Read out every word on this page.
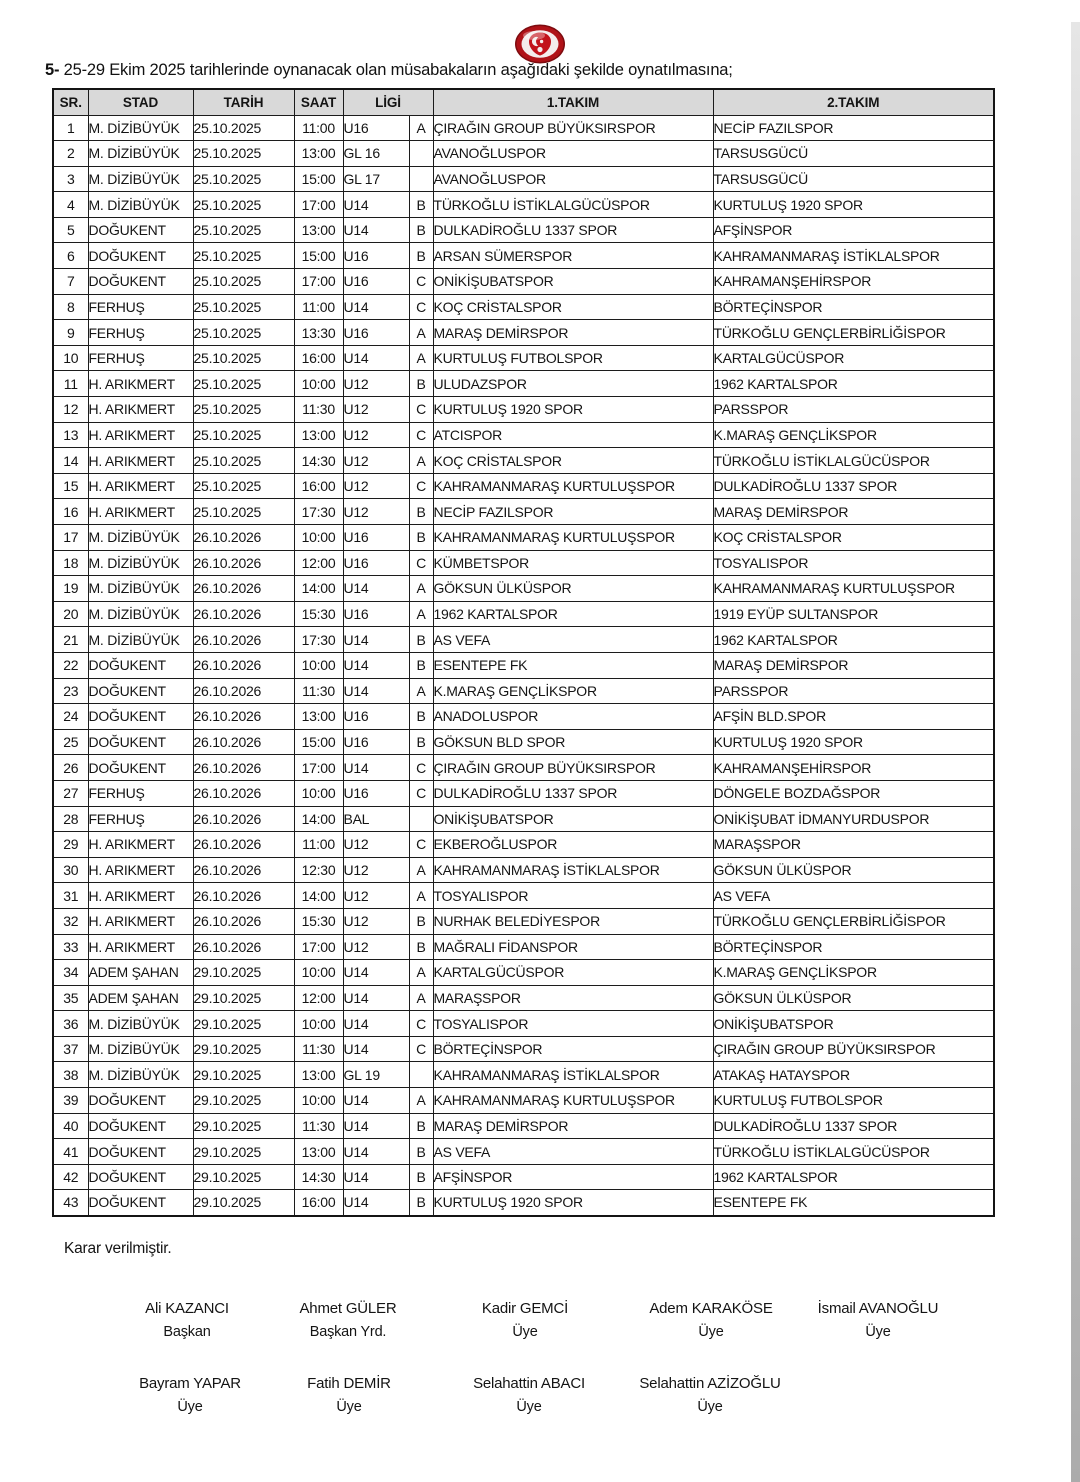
5- 25-29 Ekim 2025 tarihlerinde oynanacak olan müsabakaların aşağıdaki şekilde oynatılmasına;
SR.	STAD	TARİH	SAAT	LİGİ		1.TAKIM	2.TAKIM
1	M. DİZİBÜYÜK	25.10.2025	11:00	U16	A	ÇIRAĞIN GROUP BÜYÜKSIRSPOR	NECİP FAZILSPOR
2	M. DİZİBÜYÜK	25.10.2025	13:00	GL 16		AVANOĞLUSPOR	TARSUSGÜCÜ
3	M. DİZİBÜYÜK	25.10.2025	15:00	GL 17		AVANOĞLUSPOR	TARSUSGÜCÜ
4	M. DİZİBÜYÜK	25.10.2025	17:00	U14	B	TÜRKOĞLU İSTİKLALGÜCÜSPOR	KURTULUŞ 1920 SPOR
5	DOĞUKENT	25.10.2025	13:00	U14	B	DULKADİROĞLU 1337 SPOR	AFŞİNSPOR
6	DOĞUKENT	25.10.2025	15:00	U16	B	ARSAN SÜMERSPOR	KAHRAMANMARAŞ İSTİKLALSPOR
7	DOĞUKENT	25.10.2025	17:00	U16	C	ONİKİŞUBATSPOR	KAHRAMANŞEHİRSPOR
8	FERHUŞ	25.10.2025	11:00	U14	C	KOÇ CRİSTALSPOR	BÖRTEÇİNSPOR
9	FERHUŞ	25.10.2025	13:30	U16	A	MARAŞ DEMİRSPOR	TÜRKOĞLU GENÇLERBİRLİĞİSPOR
10	FERHUŞ	25.10.2025	16:00	U14	A	KURTULUŞ FUTBOLSPOR	KARTALGÜCÜSPOR
11	H. ARIKMERT	25.10.2025	10:00	U12	B	ULUDAZSPOR	1962 KARTALSPOR
12	H. ARIKMERT	25.10.2025	11:30	U12	C	KURTULUŞ 1920 SPOR	PARSSPOR
13	H. ARIKMERT	25.10.2025	13:00	U12	C	ATCISPOR	K.MARAŞ GENÇLİKSPOR
14	H. ARIKMERT	25.10.2025	14:30	U12	A	KOÇ CRİSTALSPOR	TÜRKOĞLU İSTİKLALGÜCÜSPOR
15	H. ARIKMERT	25.10.2025	16:00	U12	C	KAHRAMANMARAŞ KURTULUŞSPOR	DULKADİROĞLU 1337 SPOR
16	H. ARIKMERT	25.10.2025	17:30	U12	B	NECİP FAZILSPOR	MARAŞ DEMİRSPOR
17	M. DİZİBÜYÜK	26.10.2026	10:00	U16	B	KAHRAMANMARAŞ KURTULUŞSPOR	KOÇ CRİSTALSPOR
18	M. DİZİBÜYÜK	26.10.2026	12:00	U16	C	KÜMBETSPOR	TOSYALISPOR
19	M. DİZİBÜYÜK	26.10.2026	14:00	U14	A	GÖKSUN ÜLKÜSPOR	KAHRAMANMARAŞ KURTULUŞSPOR
20	M. DİZİBÜYÜK	26.10.2026	15:30	U16	A	1962 KARTALSPOR	1919 EYÜP SULTANSPOR
21	M. DİZİBÜYÜK	26.10.2026	17:30	U14	B	AS VEFA	1962 KARTALSPOR
22	DOĞUKENT	26.10.2026	10:00	U14	B	ESENTEPE FK	MARAŞ DEMİRSPOR
23	DOĞUKENT	26.10.2026	11:30	U14	A	K.MARAŞ GENÇLİKSPOR	PARSSPOR
24	DOĞUKENT	26.10.2026	13:00	U16	B	ANADOLUSPOR	AFŞİN BLD.SPOR
25	DOĞUKENT	26.10.2026	15:00	U16	B	GÖKSUN BLD SPOR	KURTULUŞ 1920 SPOR
26	DOĞUKENT	26.10.2026	17:00	U14	C	ÇIRAĞIN GROUP BÜYÜKSIRSPOR	KAHRAMANŞEHİRSPOR
27	FERHUŞ	26.10.2026	10:00	U16	C	DULKADİROĞLU 1337 SPOR	DÖNGELE BOZDAĞSPOR
28	FERHUŞ	26.10.2026	14:00	BAL		ONİKİŞUBATSPOR	ONİKİŞUBAT İDMANYURDUSPOR
29	H. ARIKMERT	26.10.2026	11:00	U12	C	EKBEROĞLUSPOR	MARAŞSPOR
30	H. ARIKMERT	26.10.2026	12:30	U12	A	KAHRAMANMARAŞ İSTİKLALSPOR	GÖKSUN ÜLKÜSPOR
31	H. ARIKMERT	26.10.2026	14:00	U12	A	TOSYALISPOR	AS VEFA
32	H. ARIKMERT	26.10.2026	15:30	U12	B	NURHAK BELEDİYESPOR	TÜRKOĞLU GENÇLERBİRLİĞİSPOR
33	H. ARIKMERT	26.10.2026	17:00	U12	B	MAĞRALI FİDANSPOR	BÖRTEÇİNSPOR
34	ADEM ŞAHAN	29.10.2025	10:00	U14	A	KARTALGÜCÜSPOR	K.MARAŞ GENÇLİKSPOR
35	ADEM ŞAHAN	29.10.2025	12:00	U14	A	MARAŞSPOR	GÖKSUN ÜLKÜSPOR
36	M. DİZİBÜYÜK	29.10.2025	10:00	U14	C	TOSYALISPOR	ONİKİŞUBATSPOR
37	M. DİZİBÜYÜK	29.10.2025	11:30	U14	C	BÖRTEÇİNSPOR	ÇIRAĞIN GROUP BÜYÜKSIRSPOR
38	M. DİZİBÜYÜK	29.10.2025	13:00	GL 19		KAHRAMANMARAŞ İSTİKLALSPOR	ATAKAŞ HATAYSPOR
39	DOĞUKENT	29.10.2025	10:00	U14	A	KAHRAMANMARAŞ KURTULUŞSPOR	KURTULUŞ FUTBOLSPOR
40	DOĞUKENT	29.10.2025	11:30	U14	B	MARAŞ DEMİRSPOR	DULKADİROĞLU 1337 SPOR
41	DOĞUKENT	29.10.2025	13:00	U14	B	AS VEFA	TÜRKOĞLU İSTİKLALGÜCÜSPOR
42	DOĞUKENT	29.10.2025	14:30	U14	B	AFŞİNSPOR	1962 KARTALSPOR
43	DOĞUKENT	29.10.2025	16:00	U14	B	KURTULUŞ 1920 SPOR	ESENTEPE FK
Karar verilmiştir.
Ali KAZANCI
Başkan
Ahmet GÜLER
Başkan Yrd.
Kadir GEMCİ
Üye
Adem KARAKÖSE
Üye
İsmail AVANOĞLU
Üye
Bayram YAPAR
Üye
Fatih DEMİR
Üye
Selahattin ABACI
Üye
Selahattin AZİZOĞLU
Üye
